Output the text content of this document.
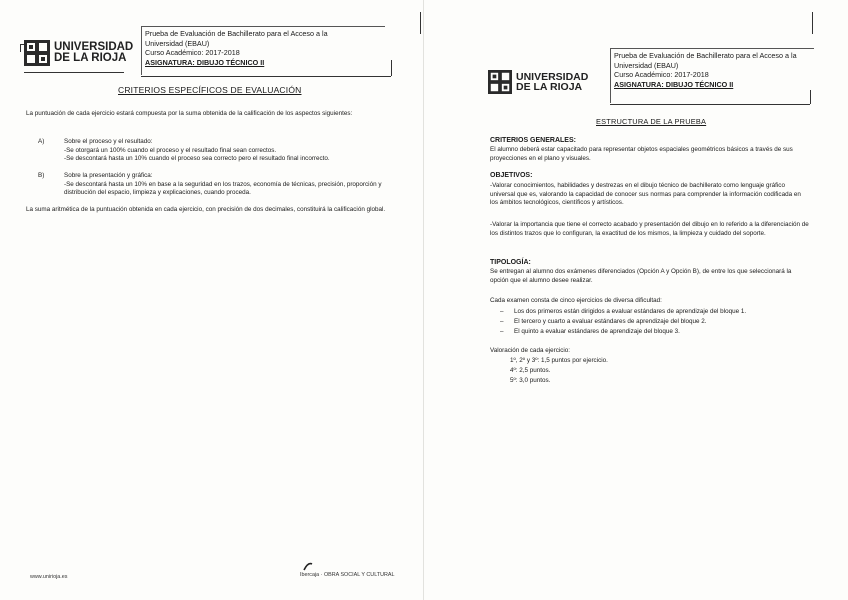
UNIVERSIDAD
DE LA RIOJA
Prueba de Evaluación de Bachillerato para el Acceso a la Universidad (EBAU)
Curso Académico: 2017-2018
ASIGNATURA: DIBUJO TÉCNICO II
CRITERIOS ESPECÍFICOS DE EVALUACIÓN
La puntuación de cada ejercicio estará compuesta por la suma obtenida de la calificación de los aspectos siguientes:
A)	Sobre el proceso y el resultado:
-Se otorgará un 100% cuando el proceso y el resultado final sean correctos.
-Se descontará hasta un 10% cuando el proceso sea correcto pero el resultado final incorrecto.
B)	Sobre la presentación y gráfica:
-Se descontará hasta un 10% en base a la seguridad en los trazos, economía de técnicas, precisión, proporción y distribución del espacio, limpieza y explicaciones, cuando proceda.
La suma aritmética de la puntuación obtenida en cada ejercicio, con precisión de dos decimales, constituirá la calificación global.
www.unirioja.es	Ibercaja · OBRA SOCIAL Y CULTURAL
UNIVERSIDAD
DE LA RIOJA
Prueba de Evaluación de Bachillerato para el Acceso a la Universidad (EBAU)
Curso Académico: 2017-2018
ASIGNATURA: DIBUJO TÉCNICO II
ESTRUCTURA DE LA PRUEBA
CRITERIOS GENERALES:
El alumno deberá estar capacitado para representar objetos espaciales geométricos básicos a través de sus proyecciones en el plano y visuales.
OBJETIVOS:
-Valorar conocimientos, habilidades y destrezas en el dibujo técnico de bachillerato como lenguaje gráfico universal que es, valorando la capacidad de conocer sus normas para comprender la información codificada en los ámbitos tecnológicos, científicos y artísticos.
-Valorar la importancia que tiene el correcto acabado y presentación del dibujo en lo referido a la diferenciación de los distintos trazos que lo configuran, la exactitud de los mismos, la limpieza y cuidado del soporte.
TIPOLOGÍA:
Se entregan al alumno dos exámenes diferenciados (Opción A y Opción B), de entre los que seleccionará la opción que el alumno desee realizar.
Cada examen consta de cinco ejercicios de diversa dificultad:
– Los dos primeros están dirigidos a evaluar estándares de aprendizaje del bloque 1.
– El tercero y cuarto a evaluar estándares de aprendizaje del bloque 2.
– El quinto a evaluar estándares de aprendizaje del bloque 3.
Valoración de cada ejercicio:
1º, 2º y 3º: 1,5 puntos por ejercicio.
4º: 2,5 puntos.
5º: 3,0 puntos.
